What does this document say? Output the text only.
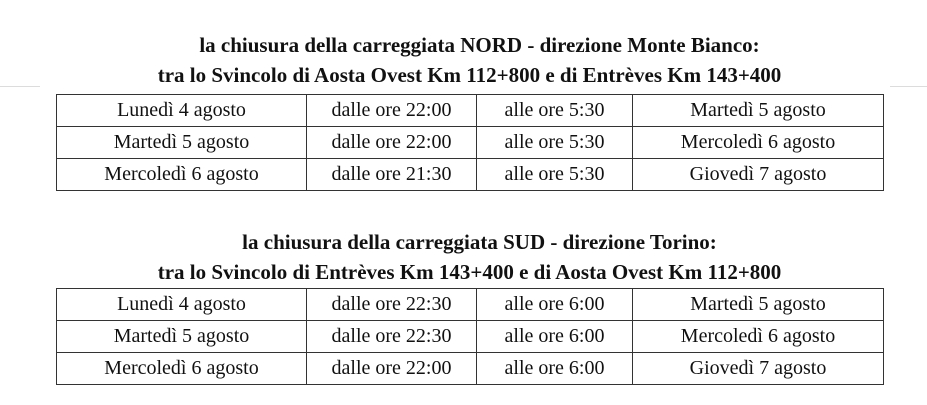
la chiusura della carreggiata NORD - direzione Monte Bianco:

tra lo Svincolo di Aosta Ovest Km 112+800 e di Entrèves Km 143+400

Lunedì 4 agosto	dalle ore 22:00	alle ore 5:30	Martedì 5 agosto
Martedì 5 agosto	dalle ore 22:00	alle ore 5:30	Mercoledì 6 agosto
Mercoledì 6 agosto	dalle ore 21:30	alle ore 5:30	Giovedì 7 agosto

la chiusura della carreggiata SUD - direzione Torino:

tra lo Svincolo di Entrèves Km 143+400 e di Aosta Ovest Km 112+800

Lunedì 4 agosto	dalle ore 22:30	alle ore 6:00	Martedì 5 agosto
Martedì 5 agosto	dalle ore 22:30	alle ore 6:00	Mercoledì 6 agosto
Mercoledì 6 agosto	dalle ore 22:00	alle ore 6:00	Giovedì 7 agosto
